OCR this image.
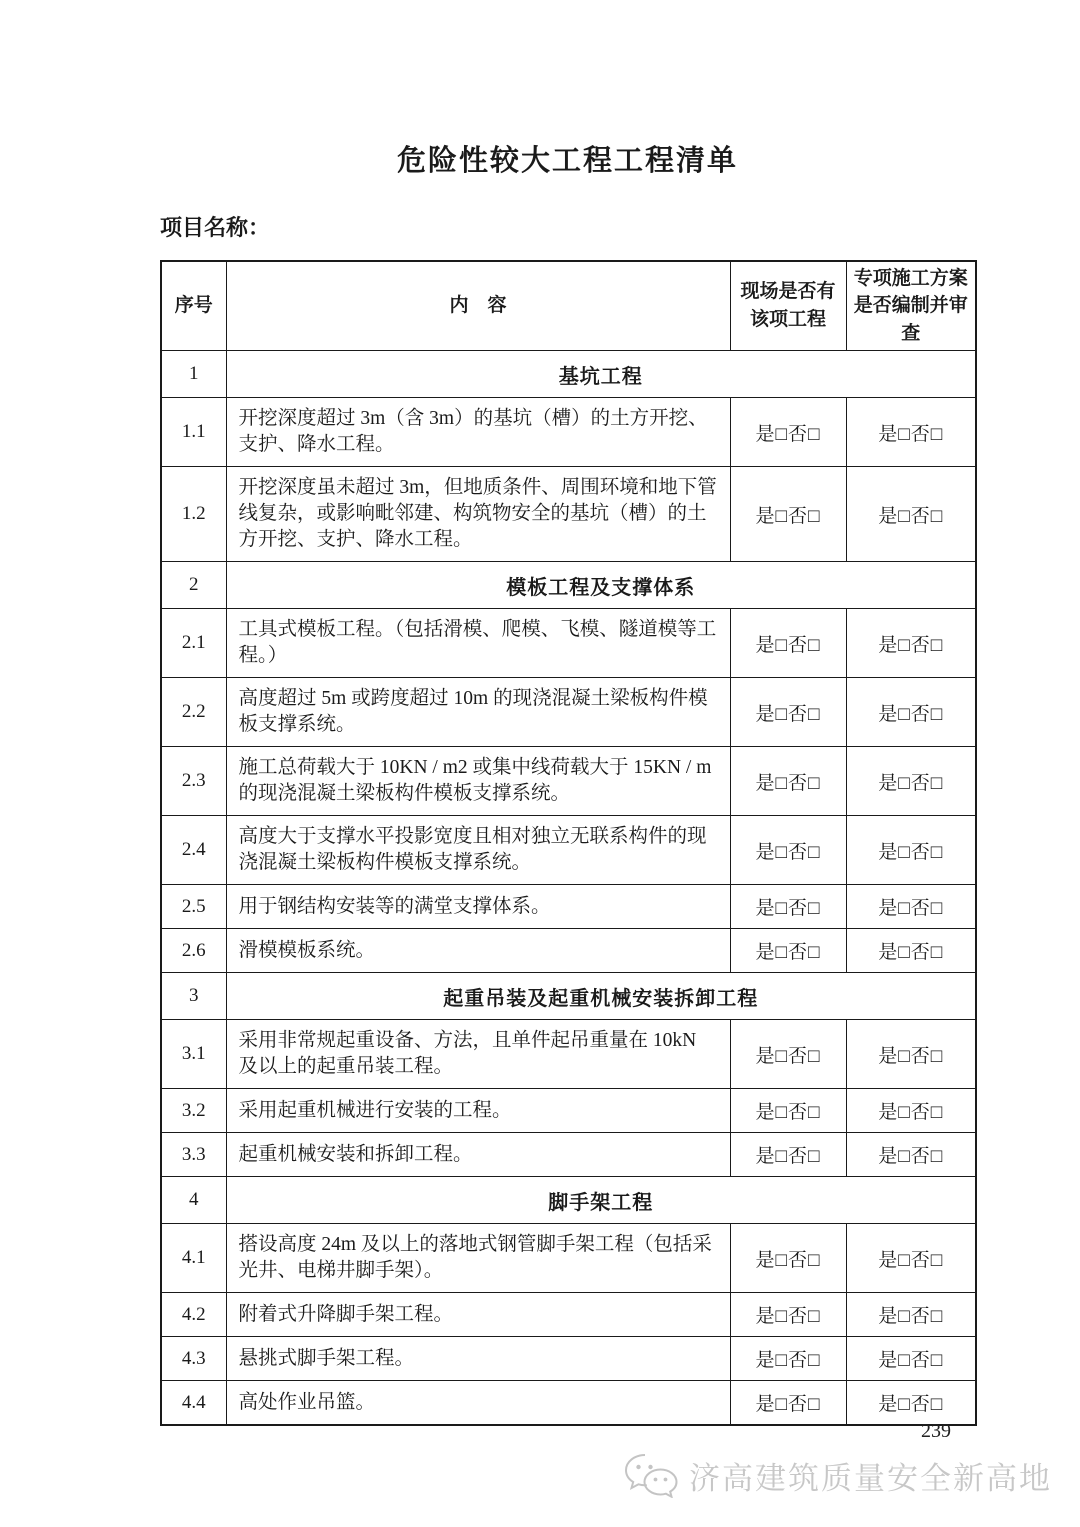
危险性较大工程工程清单
项目名称：
序号	内　容	现场是否有该项工程	专项施工方案是否编制并审查
1	基坑工程		
1.1	开挖深度超过 3m（含 3m）的基坑（槽）的土方开挖、支护、降水工程。	是□否□	是□否□
1.2	开挖深度虽未超过 3m，但地质条件、周围环境和地下管线复杂，或影响毗邻建、构筑物安全的基坑（槽）的土方开挖、支护、降水工程。	是□否□	是□否□
2	模板工程及支撑体系		
2.1	工具式模板工程。（包括滑模、爬模、飞模、隧道模等工程。）	是□否□	是□否□
2.2	高度超过 5m 或跨度超过 10m 的现浇混凝土梁板构件模板支撑系统。	是□否□	是□否□
2.3	施工总荷载大于 10KN / m2 或集中线荷载大于 15KN / m 的现浇混凝土梁板构件模板支撑系统。	是□否□	是□否□
2.4	高度大于支撑水平投影宽度且相对独立无联系构件的现浇混凝土梁板构件模板支撑系统。	是□否□	是□否□
2.5	用于钢结构安装等的满堂支撑体系。	是□否□	是□否□
2.6	滑模模板系统。	是□否□	是□否□
3	起重吊装及起重机械安装拆卸工程		
3.1	采用非常规起重设备、方法，且单件起吊重量在 10kN 及以上的起重吊装工程。	是□否□	是□否□
3.2	采用起重机械进行安装的工程。	是□否□	是□否□
3.3	起重机械安装和拆卸工程。	是□否□	是□否□
4	脚手架工程		
4.1	搭设高度 24m 及以上的落地式钢管脚手架工程（包括采光井、电梯井脚手架）。	是□否□	是□否□
4.2	附着式升降脚手架工程。	是□否□	是□否□
4.3	悬挑式脚手架工程。	是□否□	是□否□
4.4	高处作业吊篮。	是□否□	是□否□
239
济高建筑质量安全新高地
